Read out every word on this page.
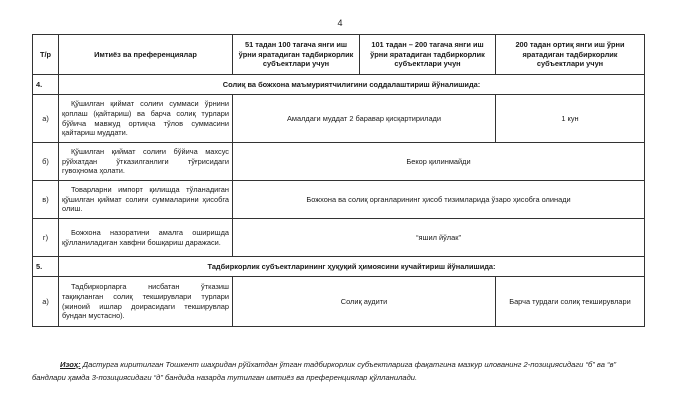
4
Т/р	Имтиёз ва преференциялар	51 тадан 100 тагача янги иш ўрни яратадиган тадбиркорлик субъектлари учун	101 тадан – 200 тагача янги иш ўрни яратадиган тадбиркорлик субъектлари учун	200 тадан ортиқ янги иш ўрни яратадиган тадбиркорлик субъектлари учун
4.	Солиқ ва божхона маъмуриятчилигини соддалаштириш йўналишида:			
а)	Қўшилган қиймат солиғи суммаси ўрнини қоплаш (қайтариш) ва барча солиқ турлари бўйича мавжуд ортиқча тўлов суммасини қайтариш муддати.	Амалдаги муддат 2 баравар қисқартирилади		1 кун
б)	Қўшилган қиймат солиғи бўйича махсус рўйхатдан ўтказилганлиги тўғрисидаги гувоҳнома ҳолати.	Бекор қилинмайди		
в)	Товарларни импорт қилишда тўланадиган қўшилган қиймат солиғи суммаларини ҳисобга олиш.	Божхона ва солиқ органларининг ҳисоб тизимларида ўзаро ҳисобга олинади		
г)	Божхона назоратини амалга оширишда қўлланиладиган хавфни бошқариш даражаси.	“яшил йўлак”		
5.	Тадбиркорлик субъектларининг ҳуқуқий ҳимоясини кучайтириш йўналишида:			
а)	Тадбиркорларга нисбатан ўтказиш тақиқланган солиқ текширувлари турлари (жиноий ишлар доирасидаги текширувлар бундан мустасно).	Солиқ аудити		Барча турдаги солиқ текширувлари
Изоҳ: Дастурга киритилган Тошкент шаҳридан рўйхатдан ўтган тадбиркорлик субъектларига фақатгина мазкур илованинг 2-позициясидаги “б” ва “в” бандлари ҳамда 3-позициясидаги “д” бандида назарда тутилган имтиёз ва преференциялар қўлланилади.
